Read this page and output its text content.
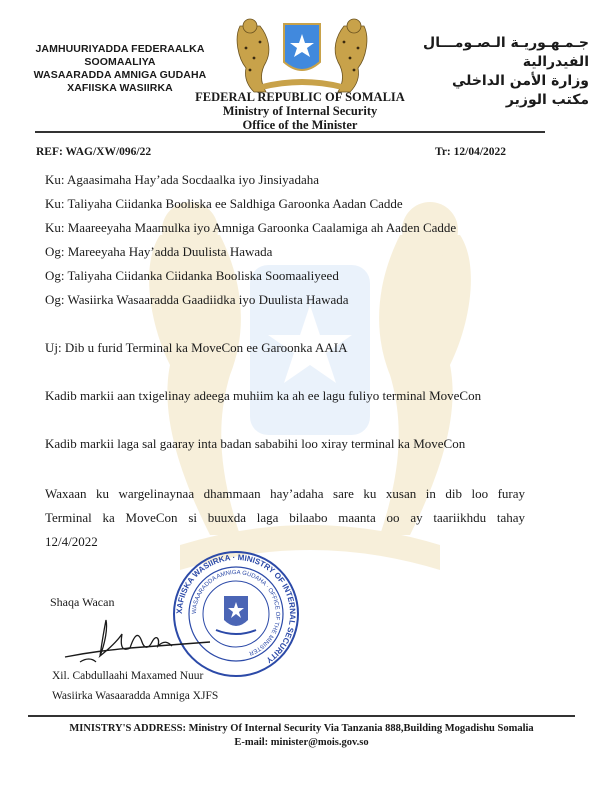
JAMHUURIYADDA FEDERAALKA
SOOMAALIYA
WASAARADDA AMNIGA GUDAHA
XAFIISKA WASIIRKA
جـمـهـوريـة الـصـومـــال الفيدرالية
وزارة الأمن الداخلي
مكتب الوزير
FEDERAL REPUBLIC OF SOMALIA
Ministry of Internal Security
Office of the Minister
REF: WAG/XW/096/22	Tr: 12/04/2022
Ku: Agaasimaha Hay’ada Socdaalka iyo Jinsiyadaha
Ku: Taliyaha Ciidanka Booliska ee Saldhiga Garoonka Aadan Cadde
Ku: Maareeyaha Maamulka iyo Amniga Garoonka Caalamiga ah Aaden Cadde
Og: Mareeyaha Hay’adda Duulista Hawada
Og: Taliyaha Ciidanka Ciidanka Booliska Soomaaliyeed
Og: Wasiirka Wasaaradda Gaadiidka iyo Duulista Hawada
Uj: Dib u furid Terminal ka MoveCon ee Garoonka AAIA
Kadib markii aan txigelinay adeega muhiim ka ah ee lagu fuliyo terminal MoveCon
Kadib markii laga sal gaaray inta badan sababihi loo xiray terminal ka MoveCon
Waxaan ku wargelinaynaa dhammaan hay’adaha sare ku xusan in dib loo furay
Terminal ka MoveCon si buuxda laga bilaabo maanta oo ay taariikhdu tahay
12/4/2022
XAFIISKA WASIIRKA · MINISTRY OF INTERNAL SECURITY
WASAARADDA AMNIGA GUDAHA · OFFICE OF THE MINISTER
Shaqa Wacan
Xil. Cabdullaahi Maxamed Nuur
Wasiirka Wasaaradda Amniga XJFS
MINISTRY'S ADDRESS: Ministry Of Internal Security Via Tanzania 888,Building Mogadishu Somalia
E-mail: minister@mois.gov.so
